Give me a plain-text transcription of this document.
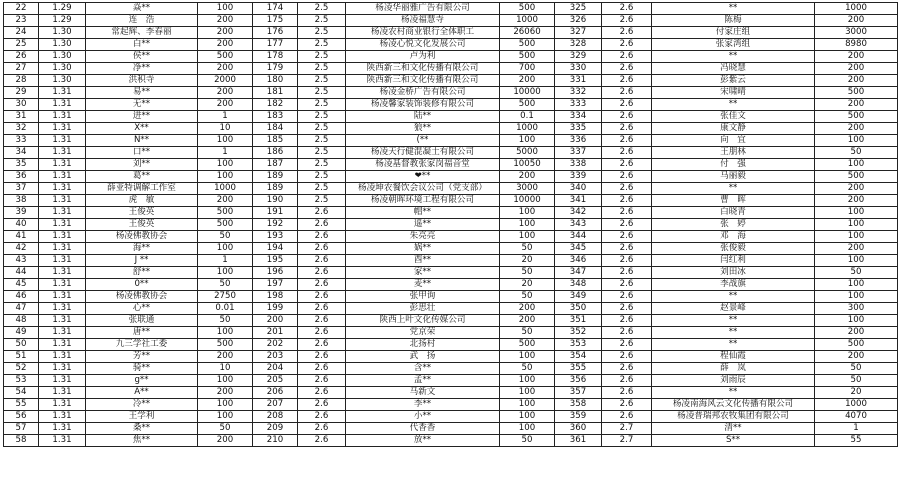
22	1.29	焱**	100	174	2.5	杨凌华丽雅广告有限公司	500	325	2.6	**	1000
23	1.29	连　浩	200	175	2.5	杨凌福慧寺	1000	326	2.6	陈梅	200
24	1.30	常起辉、李春丽	200	176	2.5	杨凌农村商业银行全体职工	26060	327	2.6	付家庄组	3000
25	1.30	白**	200	177	2.5	杨凌心悦文化发展公司	500	328	2.6	张家湾组	8980
26	1.30	侯**	500	178	2.5	卢为利	500	329	2.6	**	200
27	1.30	净**	200	179	2.5	陕西新三和文化传播有限公司	700	330	2.6	冯晓慧	200
28	1.30	洪积寺	2000	180	2.5	陕西新三和文化传播有限公司	200	331	2.6	彭紫云	200
29	1.31	易**	200	181	2.5	杨凌金桥广告有限公司	10000	332	2.6	宋啸晴	500
30	1.31	无**	200	182	2.5	杨凌馨家装饰装修有限公司	500	333	2.6	**	200
31	1.31	进**	1	183	2.5	陆**	0.1	334	2.6	张佳文	500
32	1.31	X**	10	184	2.5	狼**	1000	335	2.6	康文静	200
33	1.31	N**	100	185	2.5	(**	100	336	2.6	向　宜	100
34	1.31	口**	1	186	2.5	杨凌天行健混凝土有限公司	5000	337	2.6	王朋林	50
35	1.31	刘**	100	187	2.5	杨凌基督教张家岗福音堂	10050	338	2.6	付　强	100
36	1.31	葛**	100	189	2.5	❤**	200	339	2.6	马丽毅	500
37	1.31	薛亚特调解工作室	1000	189	2.5	杨凌坤农餐饮会议公司（党支部）	3000	340	2.6	**	200
38	1.31	虎　敏	200	190	2.5	杨凌朝晖环境工程有限公司	10000	341	2.6	曹　晖	200
39	1.31	王俊英	500	191	2.6	帽**	100	342	2.6	白晓青	100
40	1.31	王俊英	500	192	2.6	遥**	100	343	2.6	张　婷	100
41	1.31	杨凌佛教协会	50	193	2.6	朱亮亮	100	344	2.6	邓　海	100
42	1.31	海**	100	194	2.6	娲**	50	345	2.6	张俊毅	200
43	1.31	J **	1	195	2.6	酉**	20	346	2.6	闫红利	100
44	1.31	舒**	100	196	2.6	家**	50	347	2.6	刘田冰	50
45	1.31	0**	50	197	2.6	麦**	20	348	2.6	李战旗	100
46	1.31	杨凌佛教协会	2750	198	2.6	张甲询	50	349	2.6	**	100
47	1.31	心**	0.01	199	2.6	彭思壮	200	350	2.6	赵景峰	300
48	1.31	张联通	50	200	2.6	陕西上叶文化传媒公司	200	351	2.6	**	100
49	1.31	唐**	100	201	2.6	党京荣	50	352	2.6	**	200
50	1.31	九三学社工委	500	202	2.6	北扬村	500	353	2.6	**	500
51	1.31	芳**	200	203	2.6	武　扬	100	354	2.6	程仙霞	200
52	1.31	骑**	10	204	2.6	含**	50	355	2.6	薛　岚	50
53	1.31	g**	100	205	2.6	孟**	100	356	2.6	刘雨辰	50
54	1.31	A**	200	206	2.6	马新文	100	357	2.6	**	20
55	1.31	冷**	100	207	2.6	李**	100	358	2.6	杨凌南海风云文化传播有限公司	1000
56	1.31	王学利	100	208	2.6	小**	100	359	2.6	杨凌普瑞邦农牧集团有限公司	4070
57	1.31	桑**	50	209	2.6	代香香	100	360	2.7	清**	1
58	1.31	焦**	200	210	2.6	放**	50	361	2.7	S**	55
